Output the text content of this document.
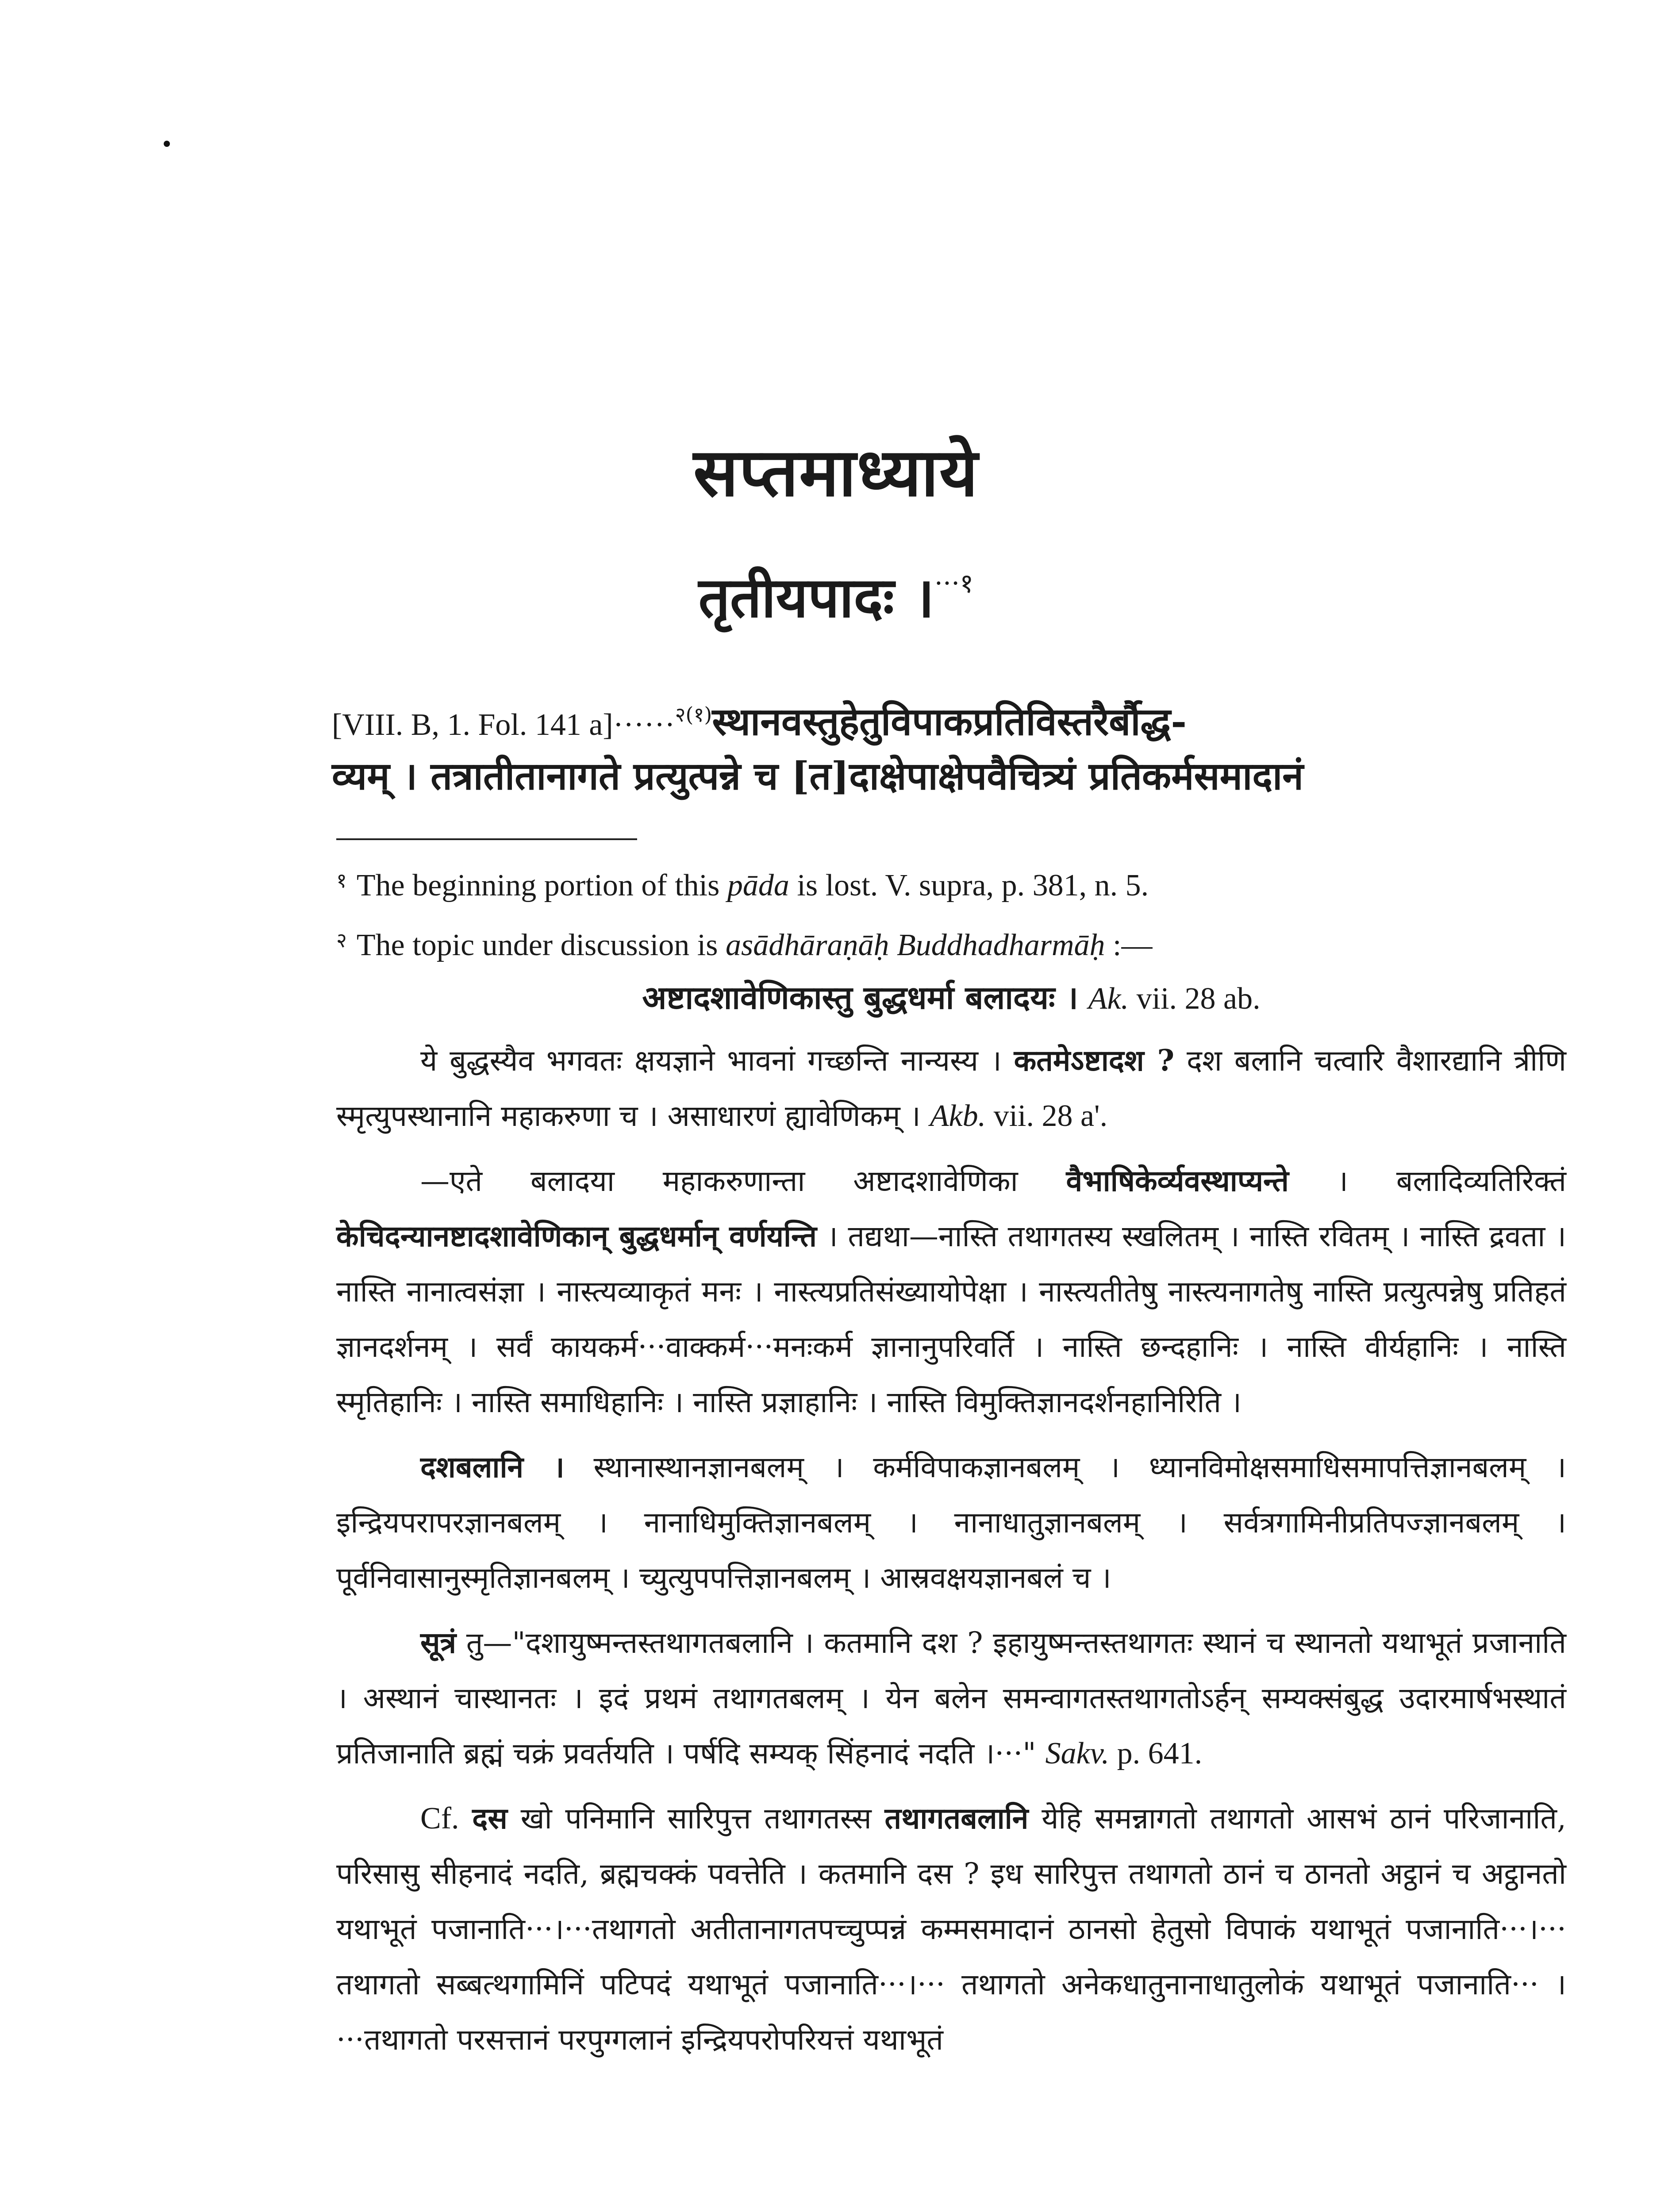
सप्तमाध्याये
तृतीयपादः ।$^{\cdot\cdot\cdot १}$
[VIII. B, 1. Fol. 141 a]······$^{२(१)}$स्थानवस्तुहेतुविपाकप्रतिविस्तरैर्बौद्ध-
व्यम् । तत्रातीतानागते प्रत्युत्पन्ने च [त]दाक्षेपाक्षेपवैचित्र्यं प्रतिकर्मसमादानं
$^१$ The beginning portion of this pāda is lost. V. supra, p. 381, n. 5.
$^२$ The topic under discussion is asādhāraṇāḥ Buddhadharmāḥ :—
अष्टादशावेणिकास्तु बुद्धधर्मा बलादयः । Ak. vii. 28 ab.

ये बुद्धस्यैव भगवतः क्षयज्ञाने भावनां गच्छन्ति नान्यस्य । कतमेऽष्टादश ? दश बलानि चत्वारि वैशारद्यानि त्रीणि स्मृत्युपस्थानानि महाकरुणा च । असाधारणं ह्यावेणिकम् । Akb. vii. 28 a'.

—एते बलादया महाकरुणान्ता अष्टादशावेणिका वैभाषिकेर्व्यवस्थाप्यन्ते । बलादिव्यतिरिक्तं केचिदन्यानष्टादशावेणिकान् बुद्धधर्मान् वर्णयन्ति । तद्यथा—नास्ति तथागतस्य स्खलितम् । नास्ति रवितम् । नास्ति द्रवता । नास्ति नानात्वसंज्ञा । नास्त्यव्याकृतं मनः । नास्त्यप्रतिसंख्यायोपेक्षा । नास्त्यतीतेषु नास्त्यनागतेषु नास्ति प्रत्युत्पन्नेषु प्रतिहतं ज्ञानदर्शनम् । सर्वं कायकर्म···वाक्कर्म···मनःकर्म ज्ञानानुपरिवर्ति । नास्ति छन्दहानिः । नास्ति वीर्यहानिः । नास्ति स्मृतिहानिः । नास्ति समाधिहानिः । नास्ति प्रज्ञाहानिः । नास्ति विमुक्तिज्ञानदर्शनहानिरिति ।

दशबलानि । स्थानास्थानज्ञानबलम् । कर्मविपाकज्ञानबलम् । ध्यानविमोक्षसमाधिसमापत्तिज्ञानबलम् । इन्द्रियपरापरज्ञानबलम् । नानाधिमुक्तिज्ञानबलम् । नानाधातुज्ञानबलम् । सर्वत्रगामिनीप्रतिपज्ज्ञानबलम् । पूर्वनिवासानुस्मृतिज्ञानबलम् । च्युत्युपपत्तिज्ञानबलम् । आस्रवक्षयज्ञानबलं च ।

सूत्रं तु—"दशायुष्मन्तस्तथागतबलानि । कतमानि दश ? इहायुष्मन्तस्तथागतः स्थानं च स्थानतो यथाभूतं प्रजानाति । अस्थानं चास्थानतः । इदं प्रथमं तथागतबलम् । येन बलेन समन्वागतस्तथागतोऽर्हन् सम्यक्संबुद्ध उदारमार्षभस्थातं प्रतिजानाति ब्रह्मं चक्रं प्रवर्तयति । पर्षदि सम्यक् सिंहनादं नदति ।···" Sakv. p. 641.

Cf. दस खो पनिमानि सारिपुत्त तथागतस्स तथागतबलानि येहि समन्नागतो तथागतो आसभं ठानं परिजानाति, परिसासु सीहनादं नदति, ब्रह्मचक्कं पवत्तेति । कतमानि दस ? इध सारिपुत्त तथागतो ठानं च ठानतो अट्ठानं च अट्ठानतो यथाभूतं पजानाति···।···तथागतो अतीतानागतपच्चुप्पन्नं कम्मसमादानं ठानसो हेतुसो विपाकं यथाभूतं पजानाति···।··· तथागतो सब्बत्थगामिनिं पटिपदं यथाभूतं पजानाति···।··· तथागतो अनेकधातुनानाधातुलोकं यथाभूतं पजानाति··· । ···तथागतो परसत्तानं परपुग्गलानं इन्द्रियपरोपरियत्तं यथाभूतं
